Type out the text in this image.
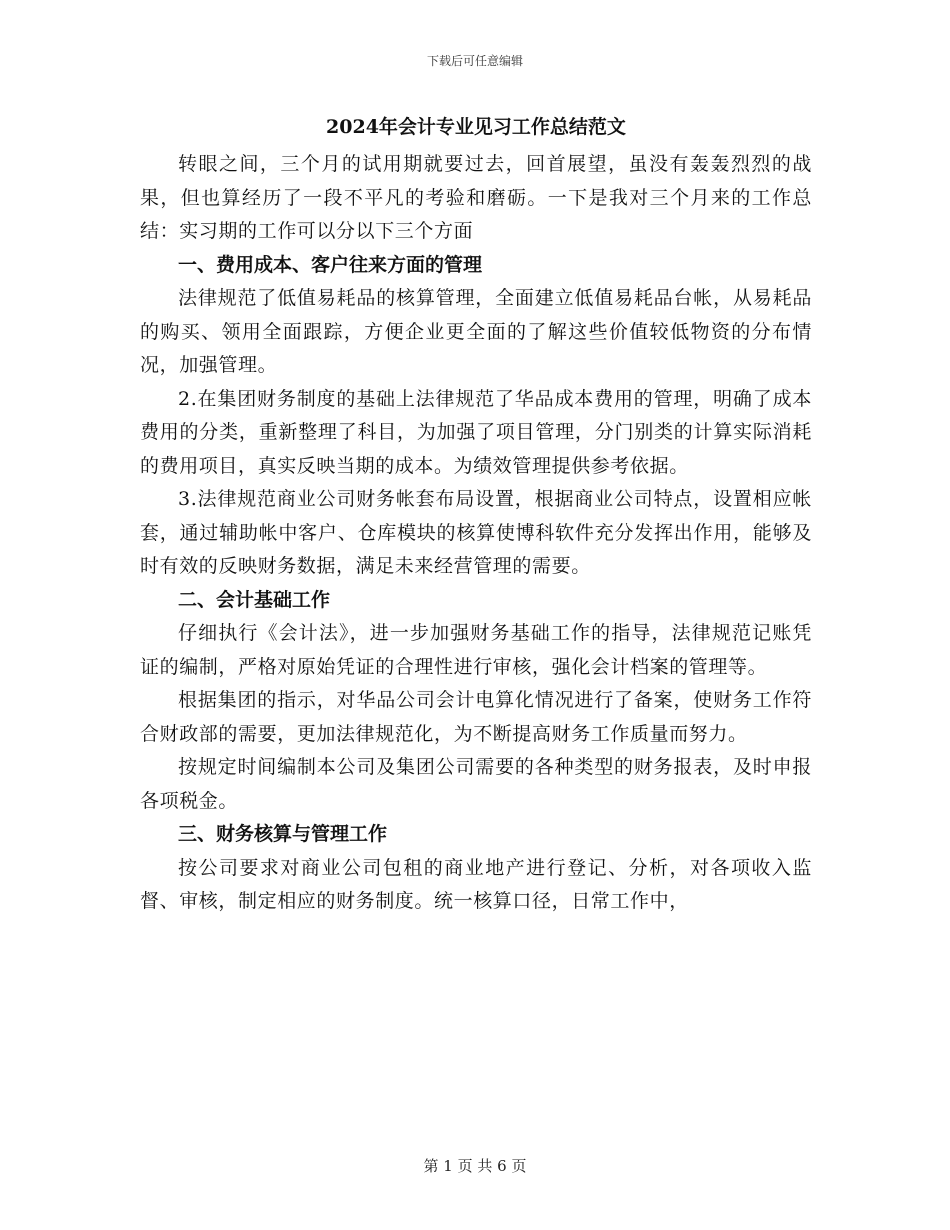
下载后可任意编辑
2024年会计专业见习工作总结范文

转眼之间，三个月的试用期就要过去，回首展望，虽没有轰轰烈烈的战果，但也算经历了一段不平凡的考验和磨砺。一下是我对三个月来的工作总结：实习期的工作可以分以下三个方面

一、费用成本、客户往来方面的管理

法律规范了低值易耗品的核算管理，全面建立低值易耗品台帐，从易耗品的购买、领用全面跟踪，方便企业更全面的了解这些价值较低物资的分布情况，加强管理。

2.在集团财务制度的基础上法律规范了华品成本费用的管理，明确了成本费用的分类，重新整理了科目，为加强了项目管理，分门别类的计算实际消耗的费用项目，真实反映当期的成本。为绩效管理提供参考依据。

3.法律规范商业公司财务帐套布局设置，根据商业公司特点，设置相应帐套，通过辅助帐中客户、仓库模块的核算使博科软件充分发挥出作用，能够及时有效的反映财务数据，满足未来经营管理的需要。

二、会计基础工作

仔细执行《会计法》，进一步加强财务基础工作的指导，法律规范记账凭证的编制，严格对原始凭证的合理性进行审核，强化会计档案的管理等。

根据集团的指示，对华品公司会计电算化情况进行了备案，使财务工作符合财政部的需要，更加法律规范化，为不断提高财务工作质量而努力。

按规定时间编制本公司及集团公司需要的各种类型的财务报表，及时申报各项税金。

三、财务核算与管理工作

按公司要求对商业公司包租的商业地产进行登记、分析，对各项收入监督、审核，制定相应的财务制度。统一核算口径，日常工作中，

第 1 页 共 6 页
